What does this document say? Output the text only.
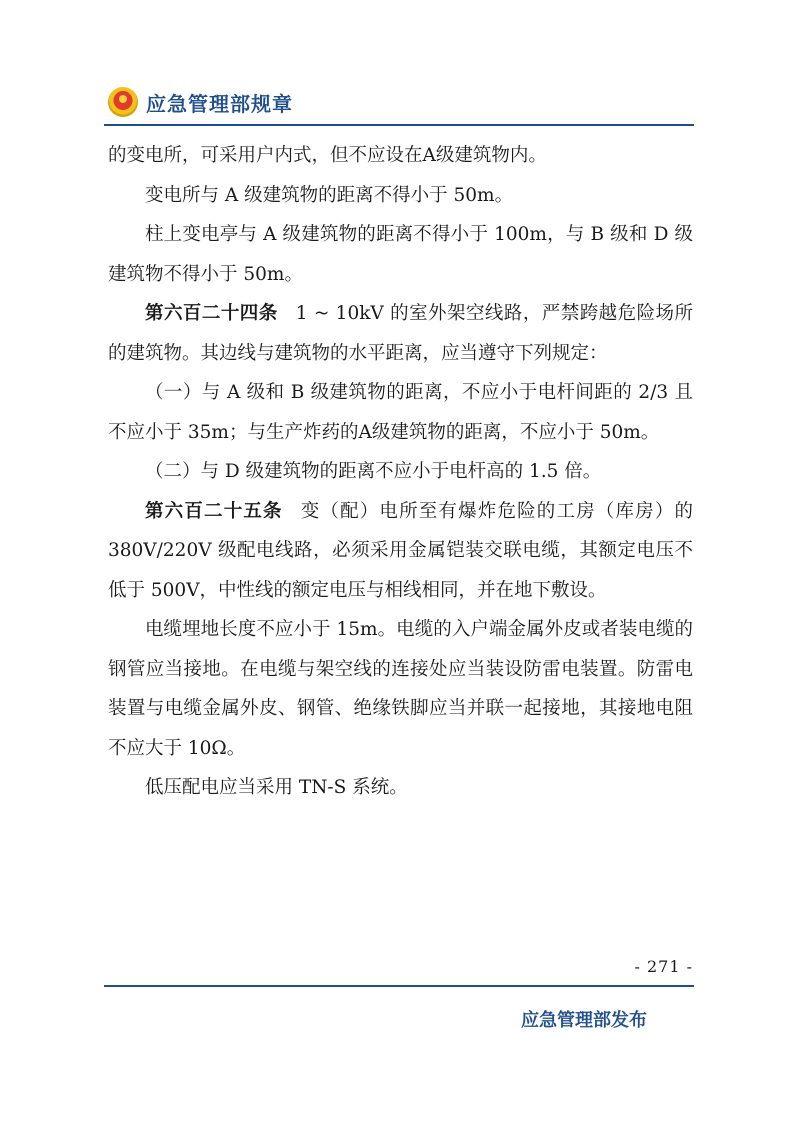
应急管理部规章

的变电所，可采用户内式，但不应设在A级建筑物内。

变电所与 A 级建筑物的距离不得小于 50m。

柱上变电亭与 A 级建筑物的距离不得小于 100m，与 B 级和 D 级建筑物不得小于 50m。

第六百二十四条 1 ~ 10kV 的室外架空线路，严禁跨越危险场所的建筑物。其边线与建筑物的水平距离，应当遵守下列规定：

（一）与 A 级和 B 级建筑物的距离，不应小于电杆间距的 2/3 且不应小于 35m；与生产炸药的A级建筑物的距离，不应小于 50m。

（二）与 D 级建筑物的距离不应小于电杆高的 1.5 倍。

第六百二十五条 变（配）电所至有爆炸危险的工房（库房）的 380V/220V 级配电线路，必须采用金属铠装交联电缆，其额定电压不低于 500V，中性线的额定电压与相线相同，并在地下敷设。

电缆埋地长度不应小于 15m。电缆的入户端金属外皮或者装电缆的钢管应当接地。在电缆与架空线的连接处应当装设防雷电装置。防雷电装置与电缆金属外皮、钢管、绝缘铁脚应当并联一起接地，其接地电阻不应大于 10Ω。

低压配电应当采用 TN-S 系统。

- 271 -
应急管理部发布
